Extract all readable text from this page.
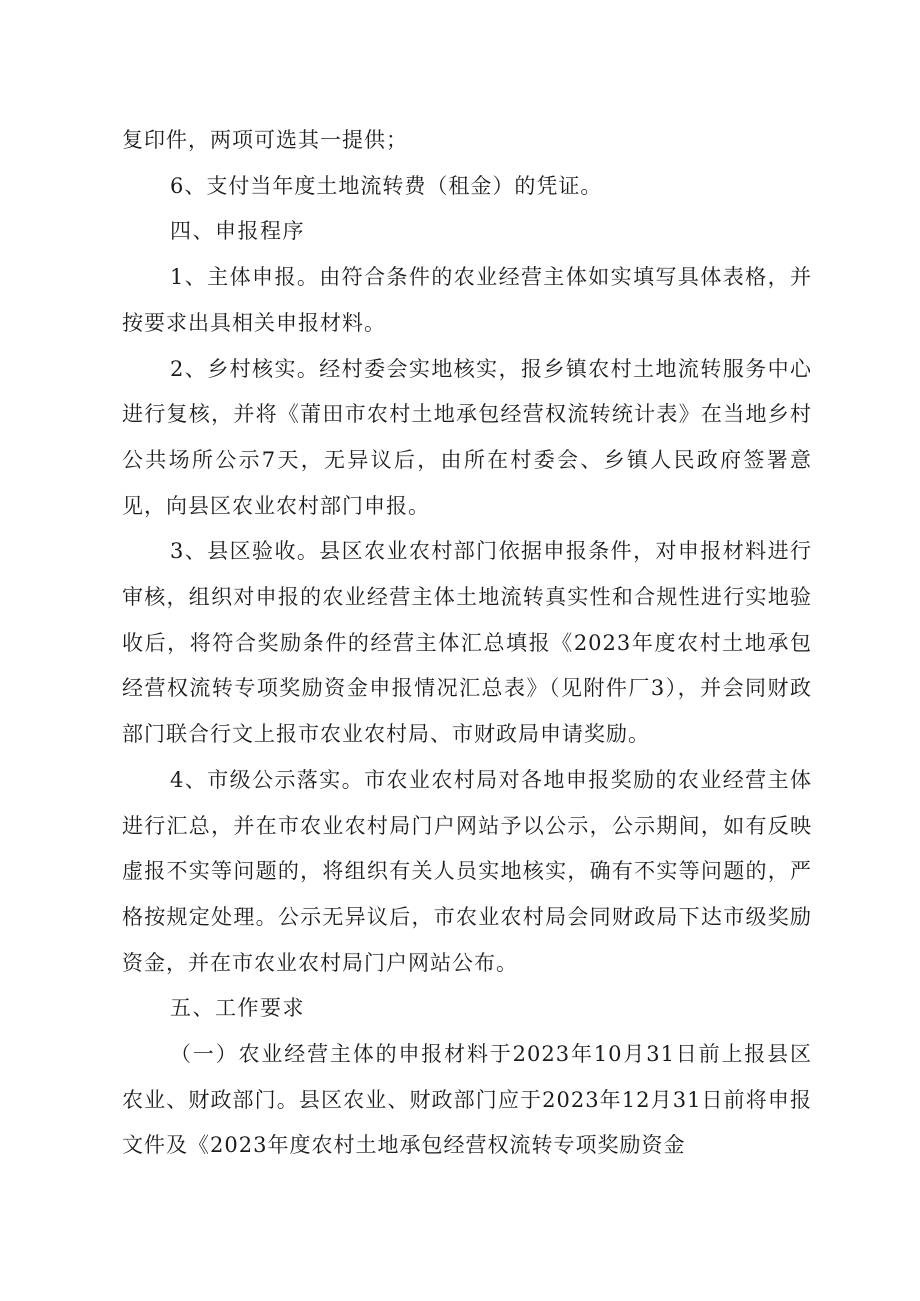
复印件，两项可选其一提供；

6、支付当年度土地流转费（租金）的凭证。

四、申报程序

1、主体申报。由符合条件的农业经营主体如实填写具体表格，并按要求出具相关申报材料。

2、乡村核实。经村委会实地核实，报乡镇农村土地流转服务中心进行复核，并将《莆田市农村土地承包经营权流转统计表》在当地乡村公共场所公示7天，无异议后，由所在村委会、乡镇人民政府签署意见，向县区农业农村部门申报。

3、县区验收。县区农业农村部门依据申报条件，对申报材料进行审核，组织对申报的农业经营主体土地流转真实性和合规性进行实地验收后，将符合奖励条件的经营主体汇总填报《2023年度农村土地承包经营权流转专项奖励资金申报情况汇总表》（见附件厂3），并会同财政部门联合行文上报市农业农村局、市财政局申请奖励。

4、市级公示落实。市农业农村局对各地申报奖励的农业经营主体进行汇总，并在市农业农村局门户网站予以公示，公示期间，如有反映虚报不实等问题的，将组织有关人员实地核实，确有不实等问题的，严格按规定处理。公示无异议后，市农业农村局会同财政局下达市级奖励资金，并在市农业农村局门户网站公布。

五、工作要求

（一）农业经营主体的申报材料于2023年10月31日前上报县区农业、财政部门。县区农业、财政部门应于2023年12月31日前将申报文件及《2023年度农村土地承包经营权流转专项奖励资金
